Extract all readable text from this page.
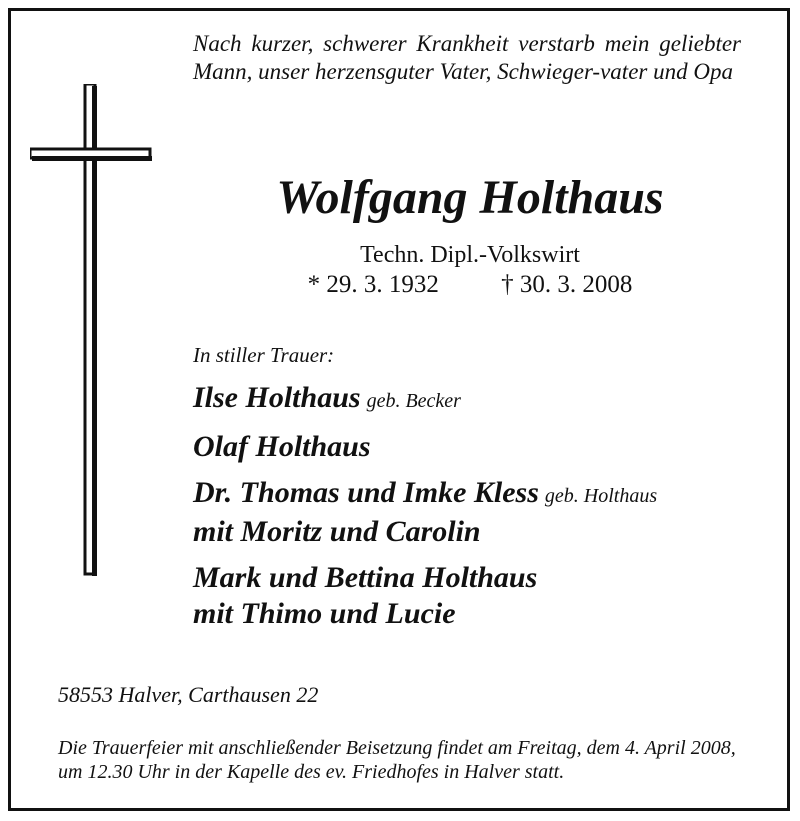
Nach kurzer, schwerer Krankheit verstarb mein geliebter Mann, unser herzensguter Vater, Schwieger-vater und Opa
Wolfgang Holthaus
Techn. Dipl.-Volkswirt
* 29. 3. 1932 † 30. 3. 2008
In stiller Trauer:
Ilse Holthaus geb. Becker
Olaf Holthaus
Dr. Thomas und Imke Kless geb. Holthaus
mit Moritz und Carolin
Mark und Bettina Holthaus
mit Thimo und Lucie
58553 Halver, Carthausen 22
Die Trauerfeier mit anschließender Beisetzung findet am Freitag, dem 4. April 2008, um 12.30 Uhr in der Kapelle des ev. Friedhofes in Halver statt.
